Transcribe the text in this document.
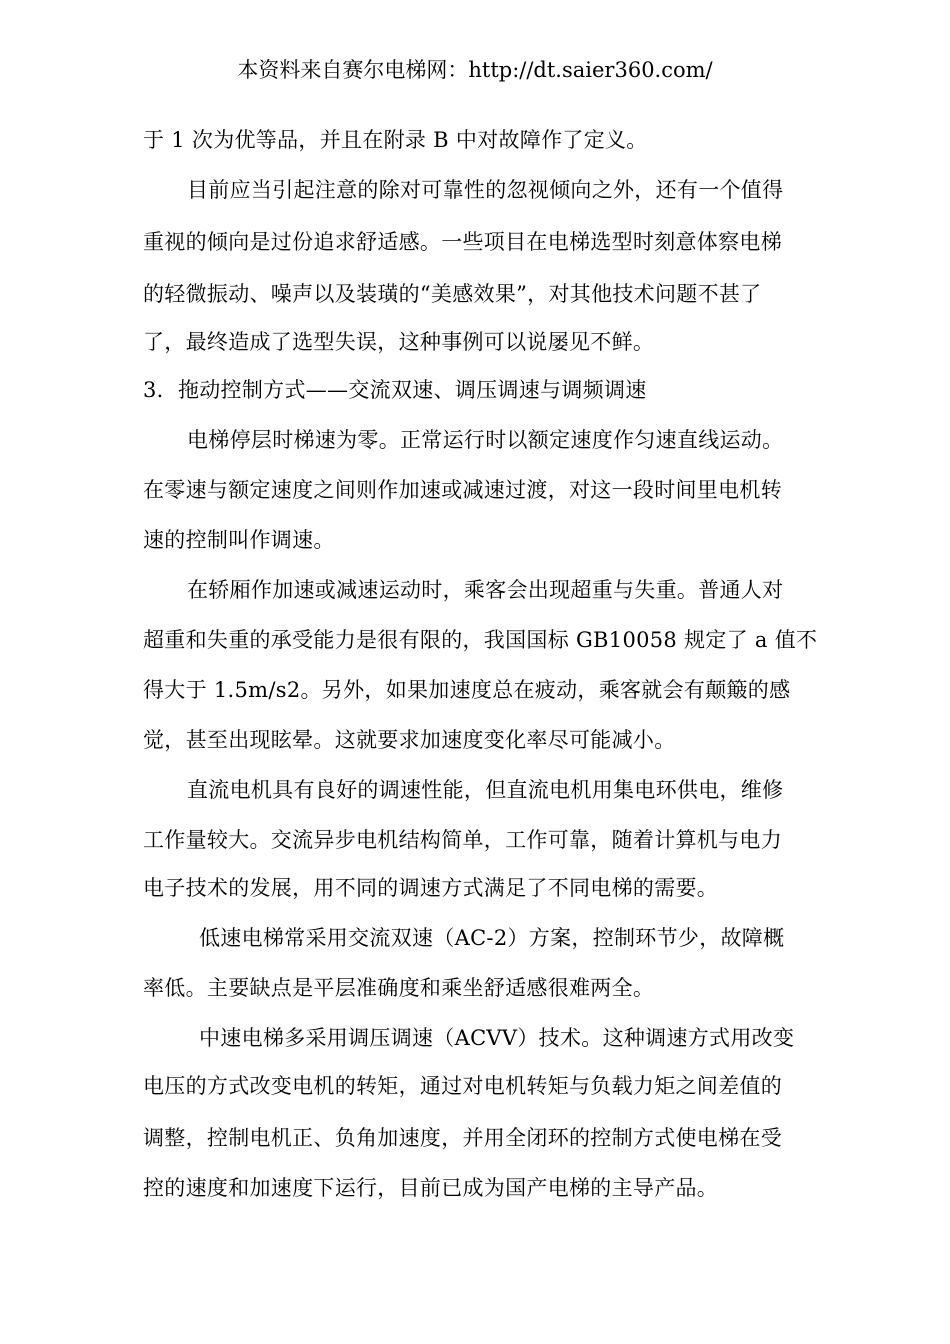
本资料来自赛尔电梯网：http://dt.saier360.com/
于 1 次为优等品，并且在附录 B 中对故障作了定义。
目前应当引起注意的除对可靠性的忽视倾向之外，还有一个值得
重视的倾向是过份追求舒适感。一些项目在电梯选型时刻意体察电梯
的轻微振动、噪声以及装璜的“美感效果”，对其他技术问题不甚了
了，最终造成了选型失误，这种事例可以说屡见不鲜。
3．拖动控制方式——交流双速、调压调速与调频调速
电梯停层时梯速为零。正常运行时以额定速度作匀速直线运动。
在零速与额定速度之间则作加速或减速过渡，对这一段时间里电机转
速的控制叫作调速。
在轿厢作加速或减速运动时，乘客会出现超重与失重。普通人对
超重和失重的承受能力是很有限的，我国国标 GB10058 规定了 a 值不
得大于 1.5m/s2。另外，如果加速度总在疲动，乘客就会有颠簸的感
觉，甚至出现眩晕。这就要求加速度变化率尽可能减小。
直流电机具有良好的调速性能，但直流电机用集电环供电，维修
工作量较大。交流异步电机结构简单，工作可靠，随着计算机与电力
电子技术的发展，用不同的调速方式满足了不同电梯的需要。
低速电梯常采用交流双速（AC-2）方案，控制环节少，故障概
率低。主要缺点是平层准确度和乘坐舒适感很难两全。
中速电梯多采用调压调速（ACVV）技术。这种调速方式用改变
电压的方式改变电机的转矩，通过对电机转矩与负载力矩之间差值的
调整，控制电机正、负角加速度，并用全闭环的控制方式使电梯在受
控的速度和加速度下运行，目前已成为国产电梯的主导产品。
